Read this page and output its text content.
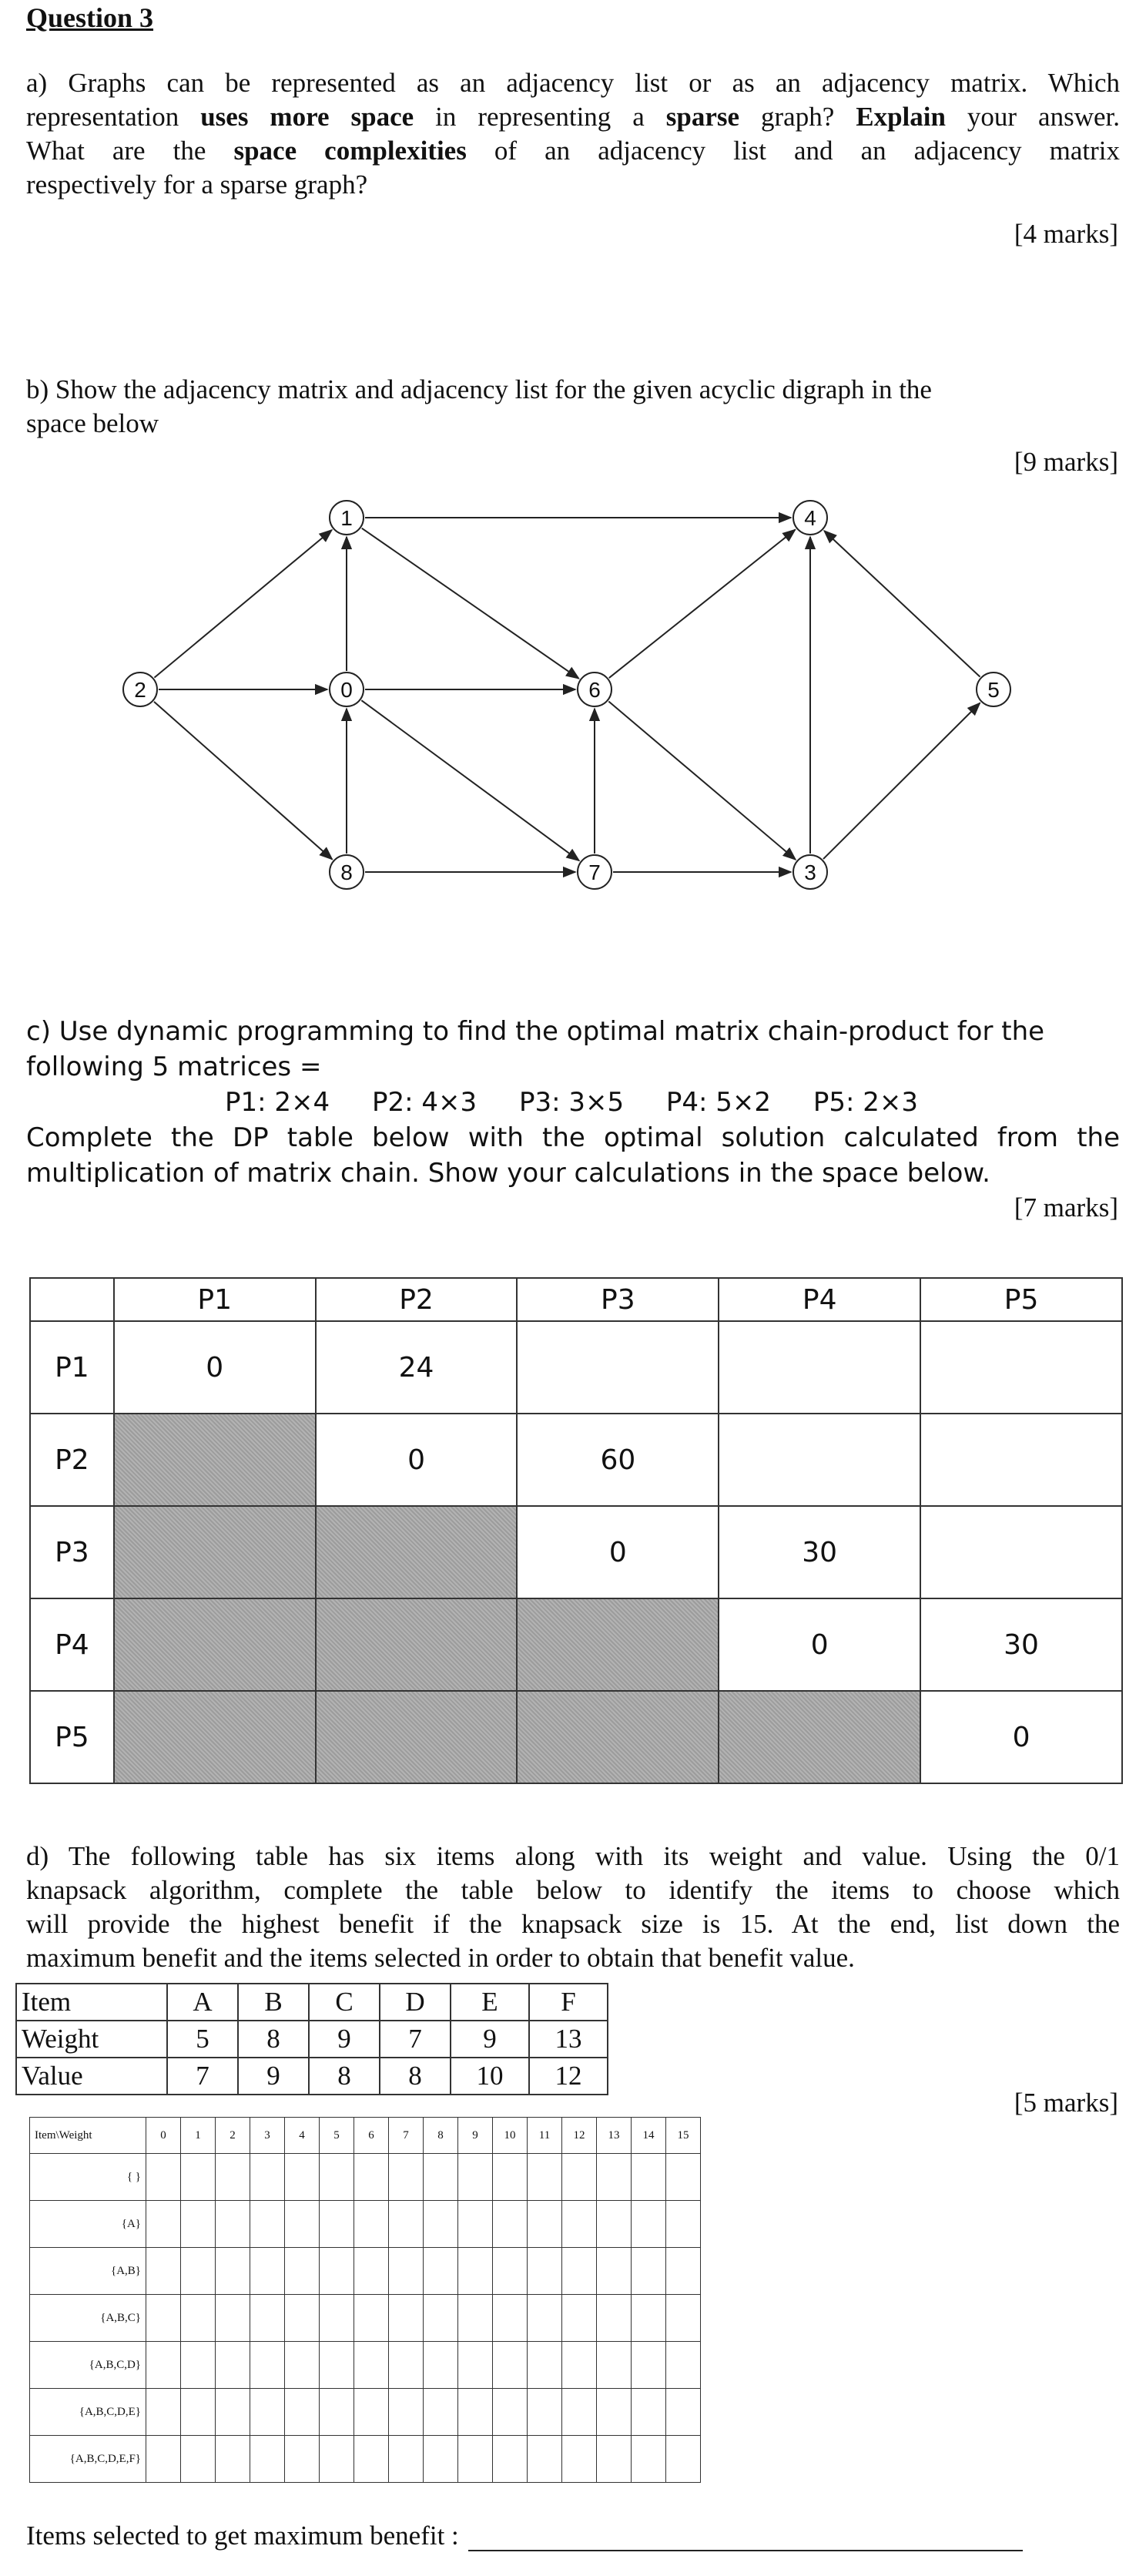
Question 3
a) Graphs can be represented as an adjacency list or as an adjacency matrix. Which
representation uses more space in representing a sparse graph? Explain your answer.
What are the space complexities of an adjacency list and an adjacency matrix
respectively for a sparse graph?
[4 marks]
b) Show the adjacency matrix and adjacency list for the given acyclic digraph in the
space below
[9 marks]
1	4
2	0	6	5
8	7	3
c) Use dynamic programming to find the optimal matrix chain-product for the
following 5 matrices =
P1: 2×4 P2: 4×3 P3: 3×5 P4: 5×2 P5: 2×3
Complete the DP table below with the optimal solution calculated from the
multiplication of matrix chain. Show your calculations in the space below.
[7 marks]
	P1	P2	P3	P4	P5
P1	0	24			
P2		0	60		
P3			0	30	
P4				0	30
P5					0
d) The following table has six items along with its weight and value. Using the 0/1
knapsack algorithm, complete the table below to identify the items to choose which
will provide the highest benefit if the knapsack size is 15. At the end, list down the
maximum benefit and the items selected in order to obtain that benefit value.
Item	A	B	C	D	E	F
Weight	5	8	9	7	9	13
Value	7	9	8	8	10	12
[5 marks]
Item\Weight	0	1	2	3	4	5	6	7	8	9	10	11	12	13	14	15
{ }																
{A}																
{A,B}																
{A,B,C}																
{A,B,C,D}																
{A,B,C,D,E}																
{A,B,C,D,E,F}																
Items selected to get maximum benefit :
